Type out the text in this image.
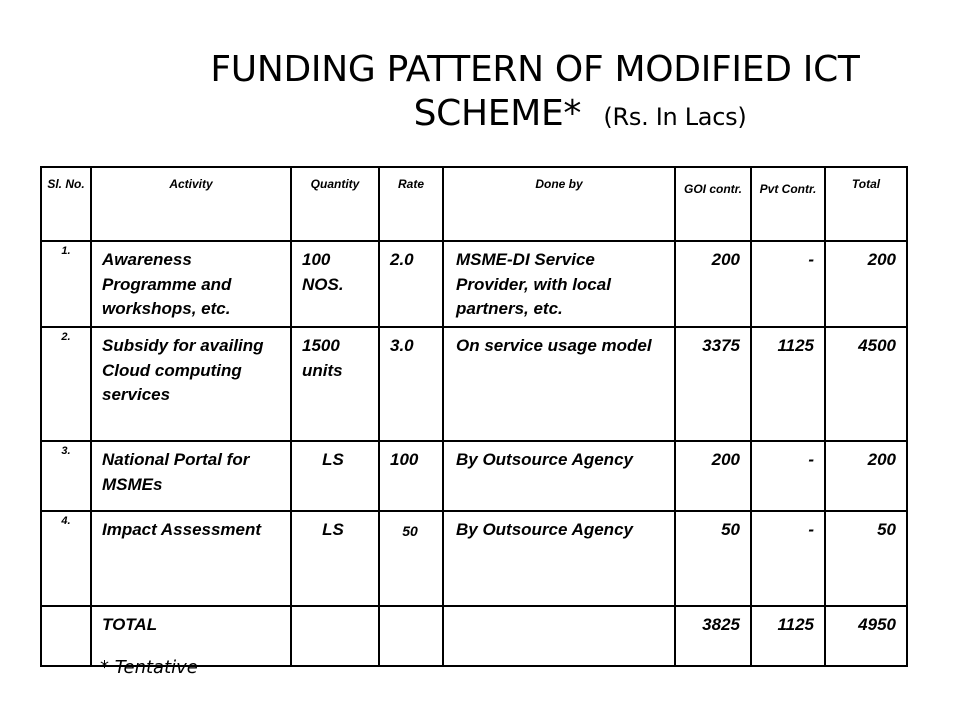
FUNDING PATTERN OF MODIFIED ICT
SCHEME* (Rs. In Lacs)
Sl. No.	Activity	Quantity	Rate	Done by	GOI contr.	Pvt Contr.	Total
1.	Awareness Programme and workshops, etc.	100 NOS.	2.0	MSME-DI Service Provider, with local partners, etc.	200	-	200
2.	Subsidy for availing Cloud computing services	1500 units	3.0	On service usage model	3375	1125	4500
3.	National Portal for MSMEs	LS	100	By Outsource Agency	200	-	200
4.	Impact Assessment	LS	50	By Outsource Agency	50	-	50
	TOTAL				3825	1125	4950
* Tentative
